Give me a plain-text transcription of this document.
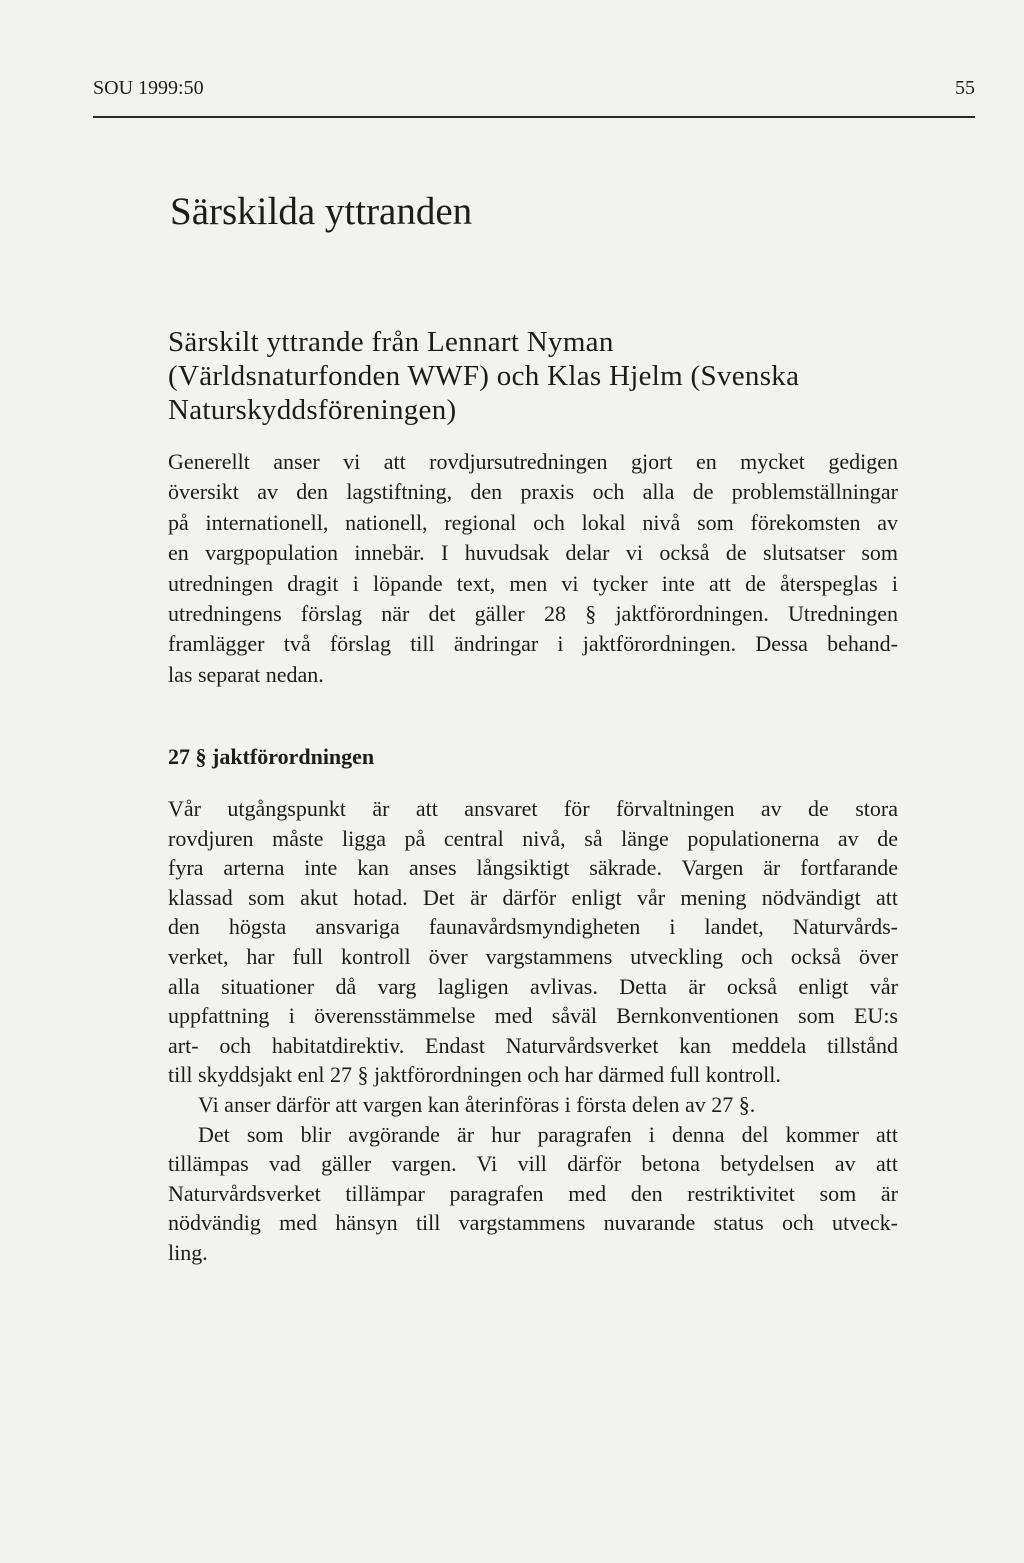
SOU 1999:50	55
Särskilda yttranden
Särskilt yttrande från Lennart Nyman
(Världsnaturfonden WWF) och Klas Hjelm (Svenska
Naturskyddsföreningen)
Generellt anser vi att rovdjursutredningen gjort en mycket gedigen
översikt av den lagstiftning, den praxis och alla de problemställningar
på internationell, nationell, regional och lokal nivå som förekomsten av
en vargpopulation innebär. I huvudsak delar vi också de slutsatser som
utredningen dragit i löpande text, men vi tycker inte att de återspeglas i
utredningens förslag när det gäller 28 § jaktförordningen. Utredningen
framlägger två förslag till ändringar i jaktförordningen. Dessa behand-
las separat nedan.
27 § jaktförordningen
Vår utgångspunkt är att ansvaret för förvaltningen av de stora
rovdjuren måste ligga på central nivå, så länge populationerna av de
fyra arterna inte kan anses långsiktigt säkrade. Vargen är fortfarande
klassad som akut hotad. Det är därför enligt vår mening nödvändigt att
den högsta ansvariga faunavårdsmyndigheten i landet, Naturvårds-
verket, har full kontroll över vargstammens utveckling och också över
alla situationer då varg lagligen avlivas. Detta är också enligt vår
uppfattning i överensstämmelse med såväl Bernkonventionen som EU:s
art- och habitatdirektiv. Endast Naturvårdsverket kan meddela tillstånd
till skyddsjakt enl 27 § jaktförordningen och har därmed full kontroll.
Vi anser därför att vargen kan återinföras i första delen av 27 §.
Det som blir avgörande är hur paragrafen i denna del kommer att
tillämpas vad gäller vargen. Vi vill därför betona betydelsen av att
Naturvårdsverket tillämpar paragrafen med den restriktivitet som är
nödvändig med hänsyn till vargstammens nuvarande status och utveck-
ling.
